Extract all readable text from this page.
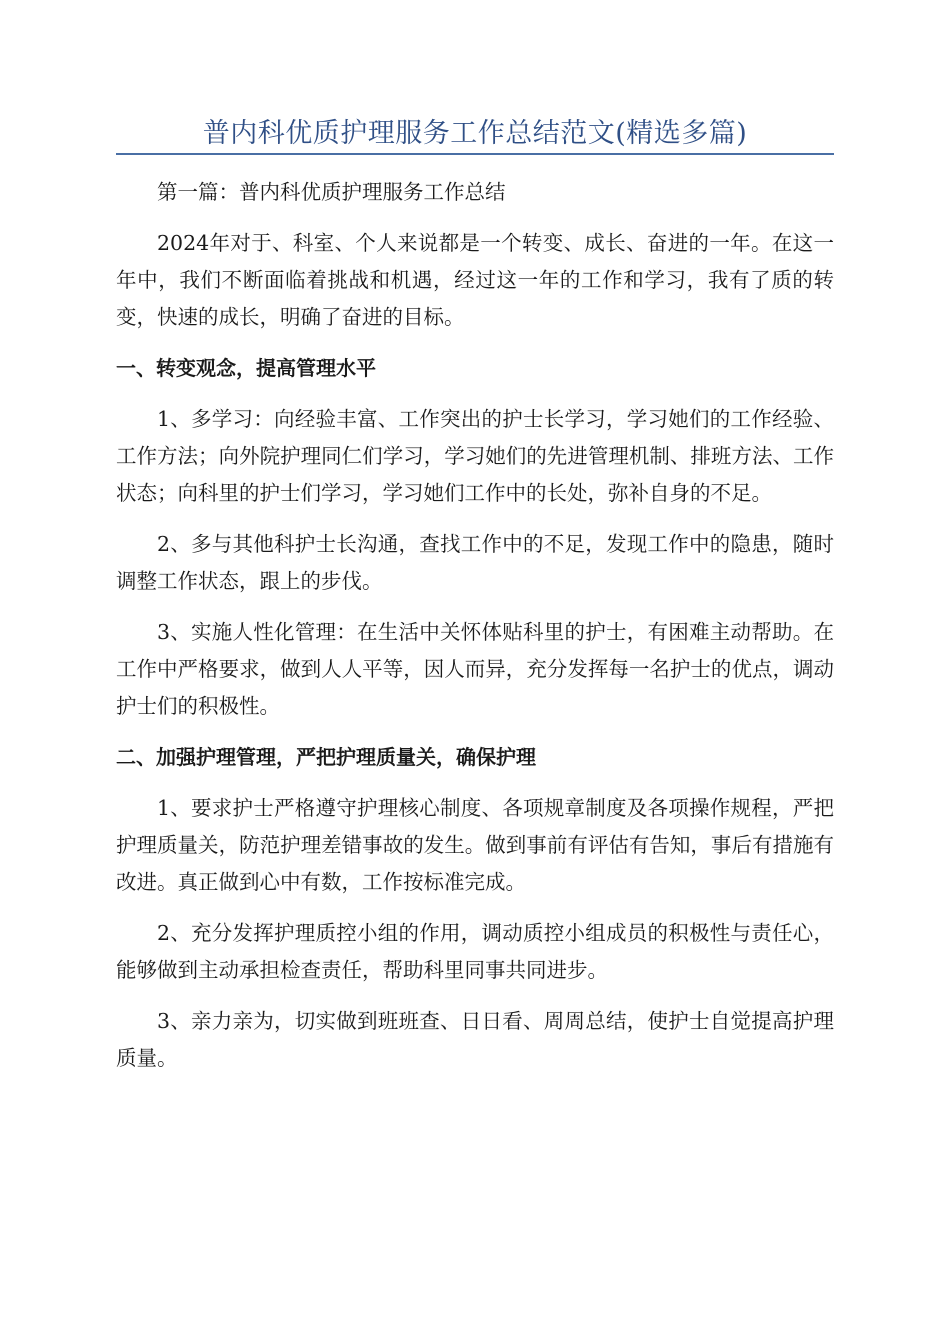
普内科优质护理服务工作总结范文(精选多篇)

第一篇：普内科优质护理服务工作总结

2024年对于、科室、个人来说都是一个转变、成长、奋进的一年。在这一年中，我们不断面临着挑战和机遇，经过这一年的工作和学习，我有了质的转变，快速的成长，明确了奋进的目标。

一、转变观念，提高管理水平

1、多学习：向经验丰富、工作突出的护士长学习，学习她们的工作经验、工作方法；向外院护理同仁们学习，学习她们的先进管理机制、排班方法、工作状态；向科里的护士们学习，学习她们工作中的长处，弥补自身的不足。

2、多与其他科护士长沟通，查找工作中的不足，发现工作中的隐患，随时调整工作状态，跟上的步伐。

3、实施人性化管理：在生活中关怀体贴科里的护士，有困难主动帮助。在工作中严格要求，做到人人平等，因人而异，充分发挥每一名护士的优点，调动护士们的积极性。

二、加强护理管理，严把护理质量关，确保护理

1、要求护士严格遵守护理核心制度、各项规章制度及各项操作规程，严把护理质量关，防范护理差错事故的发生。做到事前有评估有告知，事后有措施有改进。真正做到心中有数，工作按标准完成。

2、充分发挥护理质控小组的作用，调动质控小组成员的积极性与责任心，能够做到主动承担检查责任，帮助科里同事共同进步。

3、亲力亲为，切实做到班班查、日日看、周周总结，使护士自觉提高护理质量。
